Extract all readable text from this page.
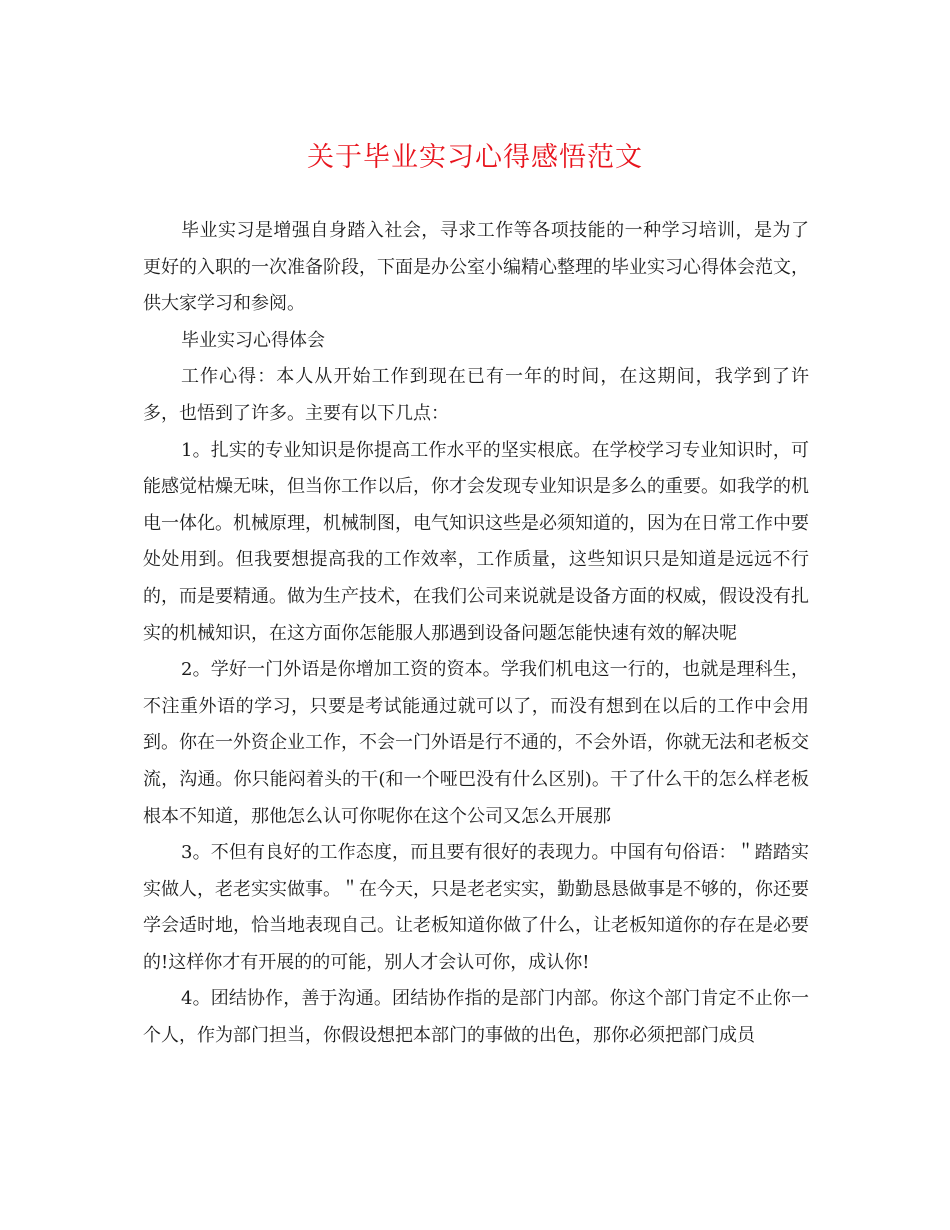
关于毕业实习心得感悟范文

毕业实习是增强自身踏入社会，寻求工作等各项技能的一种学习培训，是为了更好的入职的一次准备阶段，下面是办公室小编精心整理的毕业实习心得体会范文，供大家学习和参阅。

毕业实习心得体会

工作心得：本人从开始工作到现在已有一年的时间，在这期间，我学到了许多，也悟到了许多。主要有以下几点：

1。扎实的专业知识是你提高工作水平的坚实根底。在学校学习专业知识时，可能感觉枯燥无味，但当你工作以后，你才会发现专业知识是多么的重要。如我学的机电一体化。机械原理，机械制图，电气知识这些是必须知道的，因为在日常工作中要处处用到。但我要想提高我的工作效率，工作质量，这些知识只是知道是远远不行的，而是要精通。做为生产技术，在我们公司来说就是设备方面的权威，假设没有扎实的机械知识，在这方面你怎能服人那遇到设备问题怎能快速有效的解决呢

2。学好一门外语是你增加工资的资本。学我们机电这一行的，也就是理科生，不注重外语的学习，只要是考试能通过就可以了，而没有想到在以后的工作中会用到。你在一外资企业工作，不会一门外语是行不通的，不会外语，你就无法和老板交流，沟通。你只能闷着头的干(和一个哑巴没有什么区别)。干了什么干的怎么样老板根本不知道，那他怎么认可你呢你在这个公司又怎么开展那

3。不但有良好的工作态度，而且要有很好的表现力。中国有句俗语：＂踏踏实实做人，老老实实做事。＂在今天，只是老老实实，勤勤恳恳做事是不够的，你还要学会适时地，恰当地表现自己。让老板知道你做了什么，让老板知道你的存在是必要的!这样你才有开展的的可能，别人才会认可你，成认你!

4。团结协作，善于沟通。团结协作指的是部门内部。你这个部门肯定不止你一个人，作为部门担当，你假设想把本部门的事做的出色，那你必须把部门成员
